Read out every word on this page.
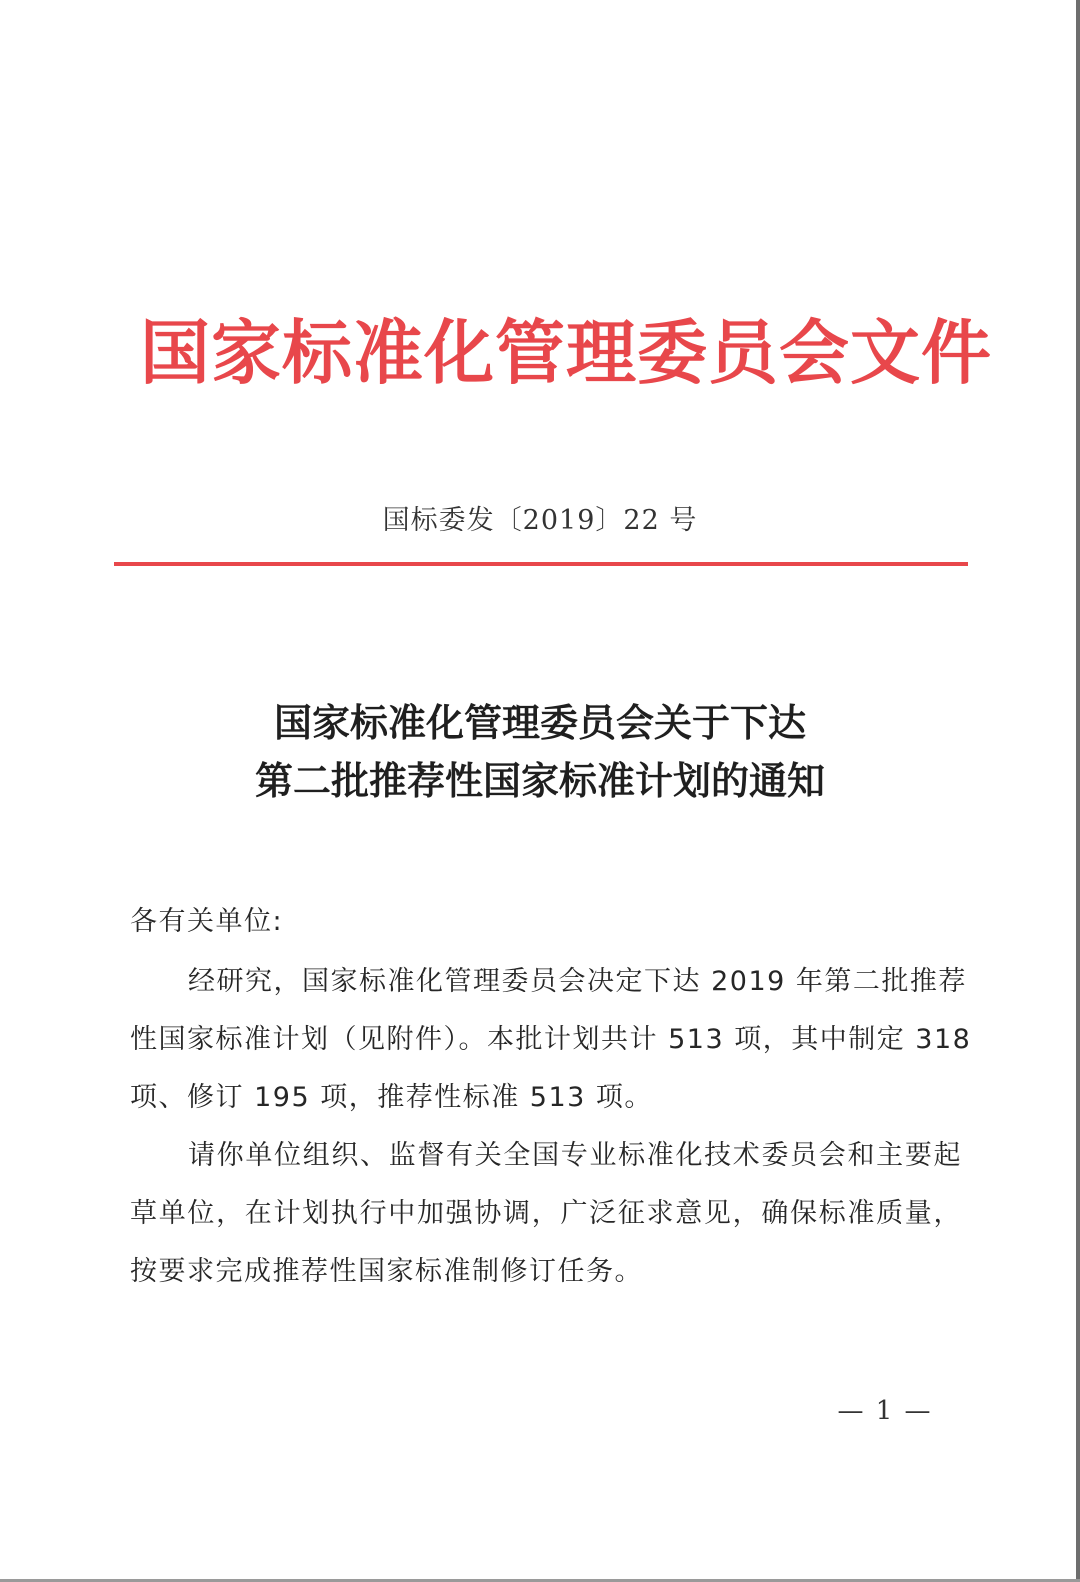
国家标准化管理委员会文件
国标委发〔2019〕22 号
国家标准化管理委员会关于下达
第二批推荐性国家标准计划的通知
各有关单位:
经研究，国家标准化管理委员会决定下达 2019 年第二批推荐
性国家标准计划（见附件）。本批计划共计 513 项，其中制定 318
项、修订 195 项，推荐性标准 513 项。
请你单位组织、监督有关全国专业标准化技术委员会和主要起
草单位，在计划执行中加强协调，广泛征求意见，确保标准质量，
按要求完成推荐性国家标准制修订任务。
— 1 —
